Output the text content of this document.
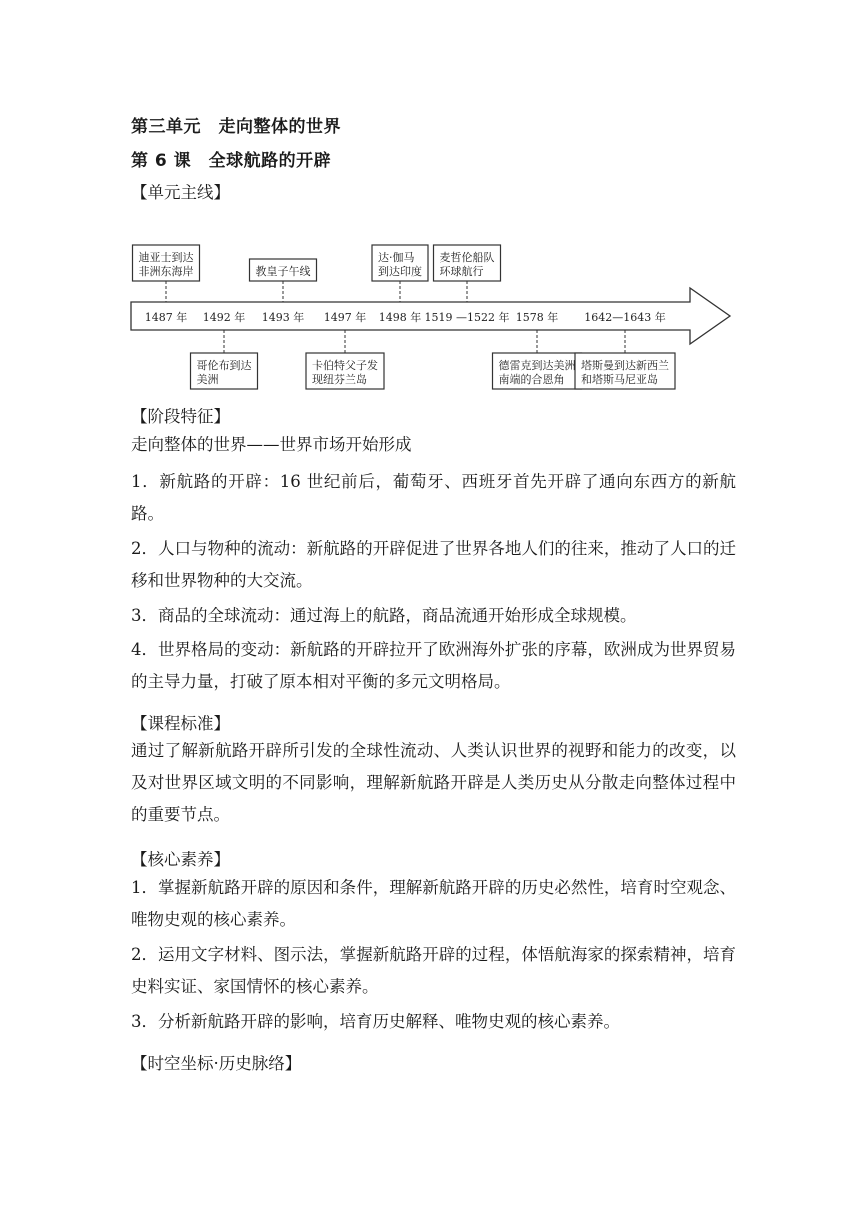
第三单元　走向整体的世界
第 6 课　全球航路的开辟
【单元主线】
1487 年 1492 年 1493 年 1497 年 1498 年 1519 —1522 年 1578 年 1642—1643 年
迪亚士到达
非洲东海岸	教皇子午线
达·伽马
到达印度
麦哲伦船队
环球航行
哥伦布到达
美洲
卡伯特父子发
现纽芬兰岛
德雷克到达美洲
南端的合恩角
塔斯曼到达新西兰
和塔斯马尼亚岛
【阶段特征】
走向整体的世界——世界市场开始形成
1．新航路的开辟：16 世纪前后，葡萄牙、西班牙首先开辟了通向东西方的新航路。
2．人口与物种的流动：新航路的开辟促进了世界各地人们的往来，推动了人口的迁移和世界物种的大交流。
3．商品的全球流动：通过海上的航路，商品流通开始形成全球规模。
4．世界格局的变动：新航路的开辟拉开了欧洲海外扩张的序幕，欧洲成为世界贸易的主导力量，打破了原本相对平衡的多元文明格局。
【课程标准】
通过了解新航路开辟所引发的全球性流动、人类认识世界的视野和能力的改变，以及对世界区域文明的不同影响，理解新航路开辟是人类历史从分散走向整体过程中的重要节点。
【核心素养】
1．掌握新航路开辟的原因和条件，理解新航路开辟的历史必然性，培育时空观念、唯物史观的核心素养。
2．运用文字材料、图示法，掌握新航路开辟的过程，体悟航海家的探索精神，培育史料实证、家国情怀的核心素养。
3．分析新航路开辟的影响，培育历史解释、唯物史观的核心素养。
【时空坐标·历史脉络】
